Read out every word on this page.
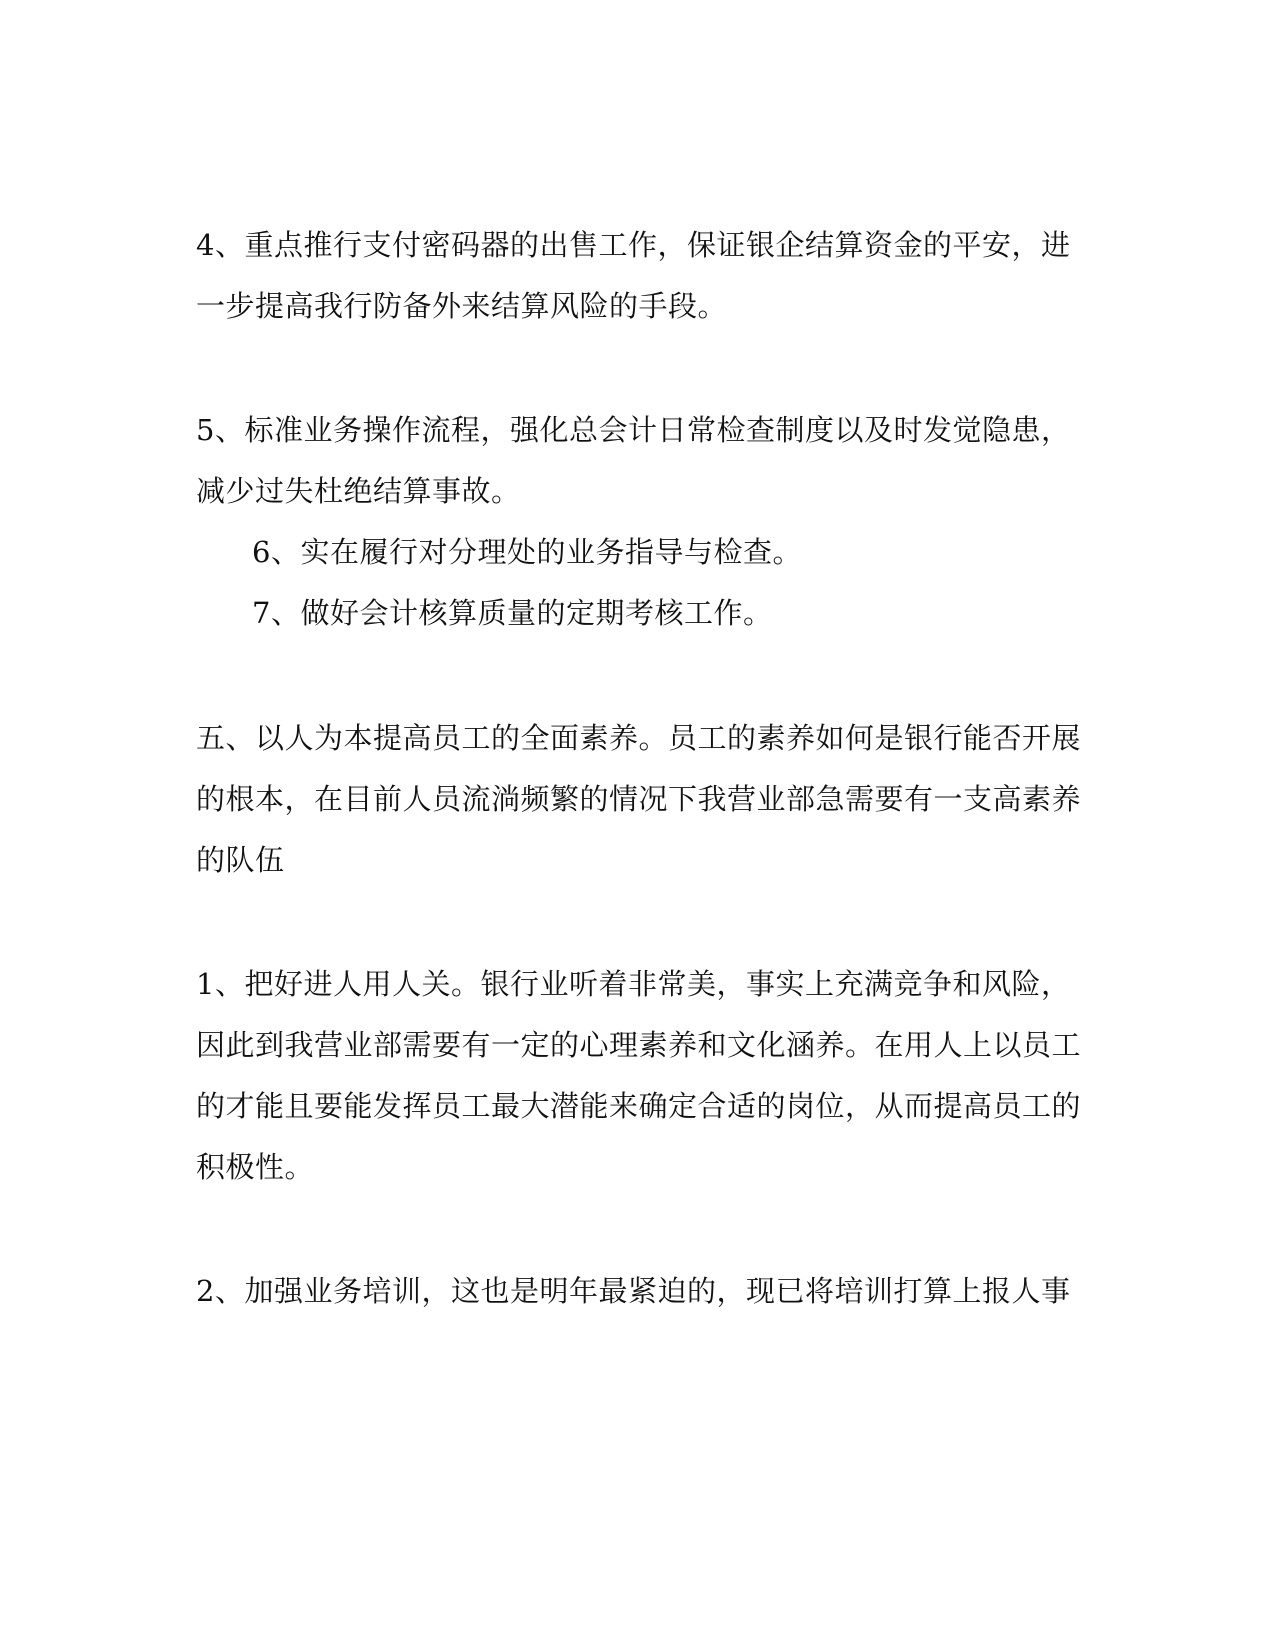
4、重点推行支付密码器的出售工作，保证银企结算资金的平安，进
一步提高我行防备外来结算风险的手段。
5、标准业务操作流程，强化总会计日常检查制度以及时发觉隐患，
减少过失杜绝结算事故。
6、实在履行对分理处的业务指导与检查。
7、做好会计核算质量的定期考核工作。
五、以人为本提高员工的全面素养。员工的素养如何是银行能否开展
的根本，在目前人员流淌频繁的情况下我营业部急需要有一支高素养
的队伍
1、把好进人用人关。银行业听着非常美，事实上充满竞争和风险，
因此到我营业部需要有一定的心理素养和文化涵养。在用人上以员工
的才能且要能发挥员工最大潜能来确定合适的岗位，从而提高员工的
积极性。
2、加强业务培训，这也是明年最紧迫的，现已将培训打算上报人事
